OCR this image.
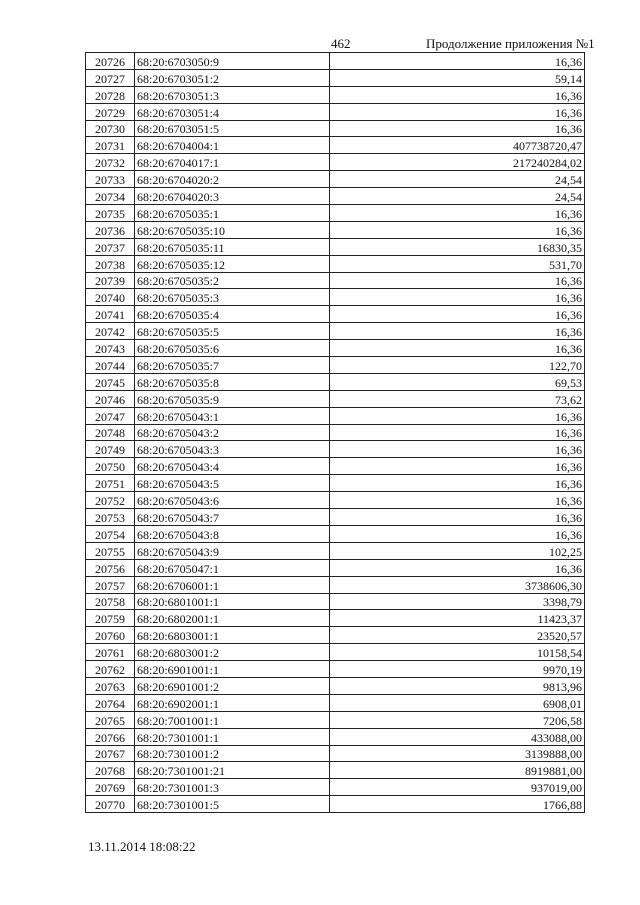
462	Продолжение приложения №1
20726	68:20:6703050:9	16,36
20727	68:20:6703051:2	59,14
20728	68:20:6703051:3	16,36
20729	68:20:6703051:4	16,36
20730	68:20:6703051:5	16,36
20731	68:20:6704004:1	407738720,47
20732	68:20:6704017:1	217240284,02
20733	68:20:6704020:2	24,54
20734	68:20:6704020:3	24,54
20735	68:20:6705035:1	16,36
20736	68:20:6705035:10	16,36
20737	68:20:6705035:11	16830,35
20738	68:20:6705035:12	531,70
20739	68:20:6705035:2	16,36
20740	68:20:6705035:3	16,36
20741	68:20:6705035:4	16,36
20742	68:20:6705035:5	16,36
20743	68:20:6705035:6	16,36
20744	68:20:6705035:7	122,70
20745	68:20:6705035:8	69,53
20746	68:20:6705035:9	73,62
20747	68:20:6705043:1	16,36
20748	68:20:6705043:2	16,36
20749	68:20:6705043:3	16,36
20750	68:20:6705043:4	16,36
20751	68:20:6705043:5	16,36
20752	68:20:6705043:6	16,36
20753	68:20:6705043:7	16,36
20754	68:20:6705043:8	16,36
20755	68:20:6705043:9	102,25
20756	68:20:6705047:1	16,36
20757	68:20:6706001:1	3738606,30
20758	68:20:6801001:1	3398,79
20759	68:20:6802001:1	11423,37
20760	68:20:6803001:1	23520,57
20761	68:20:6803001:2	10158,54
20762	68:20:6901001:1	9970,19
20763	68:20:6901001:2	9813,96
20764	68:20:6902001:1	6908,01
20765	68:20:7001001:1	7206,58
20766	68:20:7301001:1	433088,00
20767	68:20:7301001:2	3139888,00
20768	68:20:7301001:21	8919881,00
20769	68:20:7301001:3	937019,00
20770	68:20:7301001:5	1766,88
13.11.2014 18:08:22
